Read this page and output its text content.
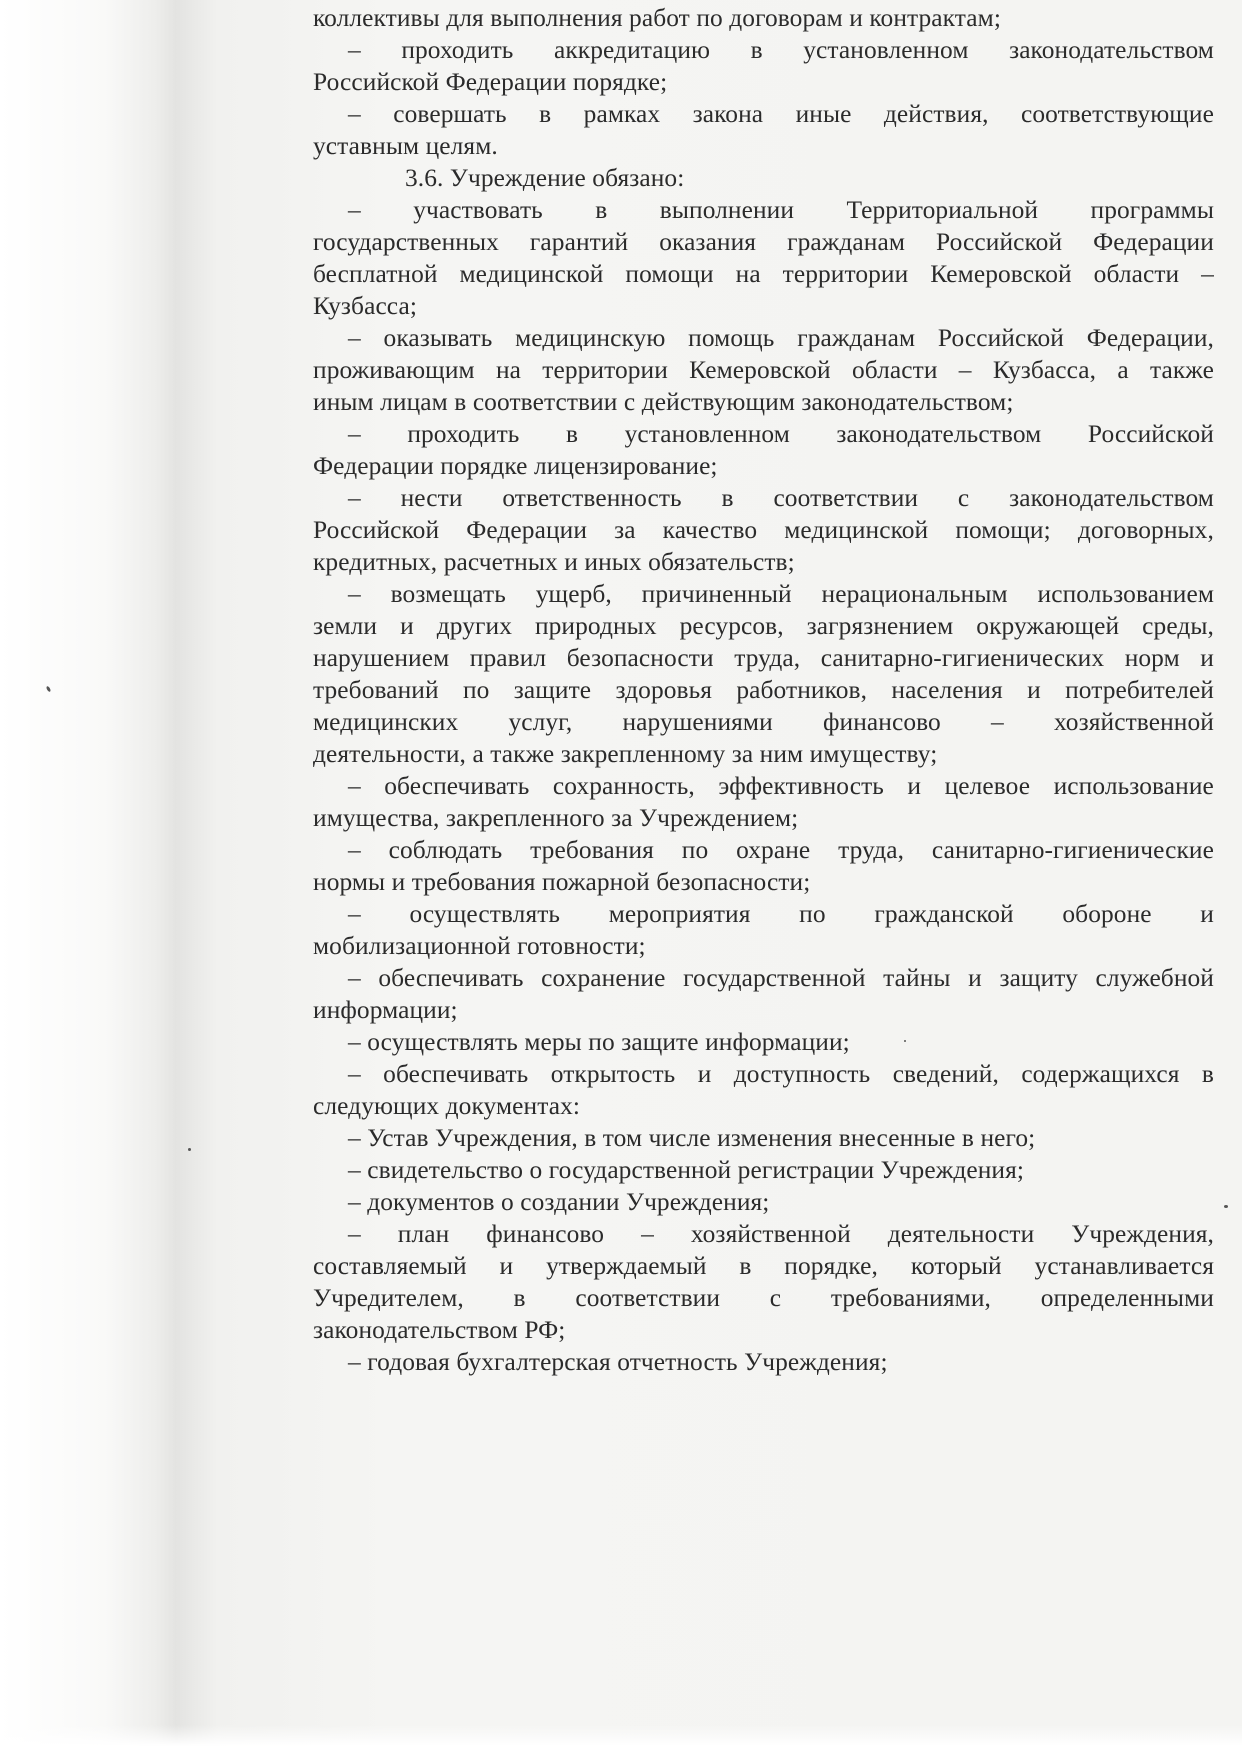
коллективы для выполнения работ по договорам и контрактам;
– проходить аккредитацию в установленном законодательством
Российской Федерации порядке;
– совершать в рамках закона иные действия, соответствующие
уставным целям.
3.6. Учреждение обязано:
– участвовать в выполнении Территориальной программы
государственных гарантий оказания гражданам Российской Федерации
бесплатной медицинской помощи на территории Кемеровской области –
Кузбасса;
– оказывать медицинскую помощь гражданам Российской Федерации,
проживающим на территории Кемеровской области – Кузбасса, а также
иным лицам в соответствии с действующим законодательством;
– проходить в установленном законодательством Российской
Федерации порядке лицензирование;
– нести ответственность в соответствии с законодательством
Российской Федерации за качество медицинской помощи; договорных,
кредитных, расчетных и иных обязательств;
– возмещать ущерб, причиненный нерациональным использованием
земли и других природных ресурсов, загрязнением окружающей среды,
нарушением правил безопасности труда, санитарно-гигиенических норм и
требований по защите здоровья работников, населения и потребителей
медицинских услуг, нарушениями финансово – хозяйственной
деятельности, а также закрепленному за ним имуществу;
– обеспечивать сохранность, эффективность и целевое использование
имущества, закрепленного за Учреждением;
– соблюдать требования по охране труда, санитарно-гигиенические
нормы и требования пожарной безопасности;
– осуществлять мероприятия по гражданской обороне и
мобилизационной готовности;
– обеспечивать сохранение государственной тайны и защиту служебной
информации;
– осуществлять меры по защите информации;
– обеспечивать открытость и доступность сведений, содержащихся в
следующих документах:
– Устав Учреждения, в том числе изменения внесенные в него;
– свидетельство о государственной регистрации Учреждения;
– документов о создании Учреждения;
– план финансово – хозяйственной деятельности Учреждения,
составляемый и утверждаемый в порядке, который устанавливается
Учредителем, в соответствии с требованиями, определенными
законодательством РФ;
– годовая бухгалтерская отчетность Учреждения;
